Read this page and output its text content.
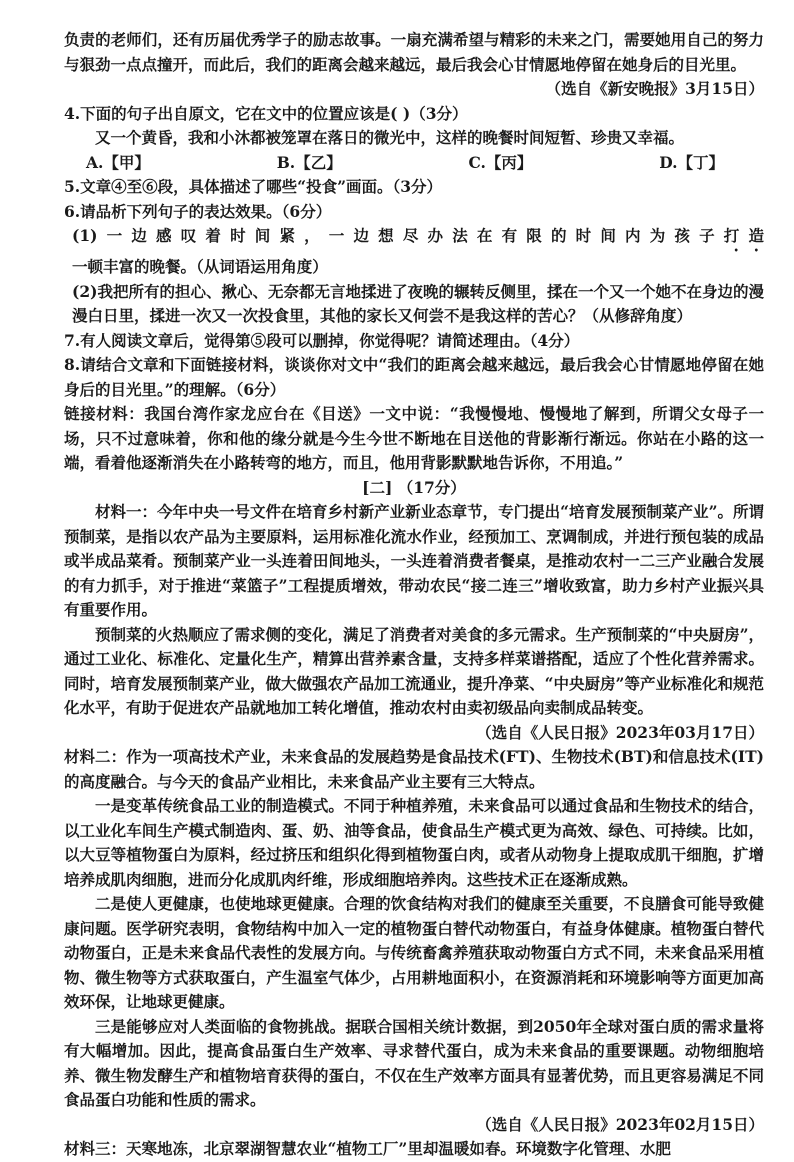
负责的老师们，还有历届优秀学子的励志故事。一扇充满希望与精彩的未来之门，需要她用自己的努力与狠劲一点点撞开，而此后，我们的距离会越来越远，最后我会心甘情愿地停留在她身后的目光里。

（选自《新安晚报》3月15日）

4.下面的句子出自原文，它在文中的位置应该是( )（3分）

又一个黄昏，我和小沐都被笼罩在落日的微光中，这样的晚餐时间短暂、珍贵又幸福。

A.【甲】	B.【乙】	C.【丙】	D.【丁】

5.文章④至⑥段，具体描述了哪些“投食”画面。（3分）

6.请品析下列句子的表达效果。（6分）

(1)一边感叹着时间紧，一边想尽办法在有限的时间内为孩子打造一顿丰富的晚餐。（从词语运用角度）

(2)我把所有的担心、揪心、无奈都无言地揉进了夜晚的辗转反侧里，揉在一个又一个她不在身边的漫漫白日里，揉进一次又一次投食里，其他的家长又何尝不是我这样的苦心？（从修辞角度）

7.有人阅读文章后，觉得第⑤段可以删掉，你觉得呢？请简述理由。（4分）

8.请结合文章和下面链接材料，谈谈你对文中“我们的距离会越来越远，最后我会心甘情愿地停留在她身后的目光里。”的理解。（6分）

链接材料：我国台湾作家龙应台在《目送》一文中说：“我慢慢地、慢慢地了解到，所谓父女母子一场，只不过意味着，你和他的缘分就是今生今世不断地在目送他的背影渐行渐远。你站在小路的这一端，看着他逐渐消失在小路转弯的地方，而且，他用背影默默地告诉你，不用追。”

[二] （17分）

材料一：今年中央一号文件在培育乡村新产业新业态章节，专门提出“培育发展预制菜产业”。所谓预制菜，是指以农产品为主要原料，运用标准化流水作业，经预加工、烹调制成，并进行预包装的成品或半成品菜肴。预制菜产业一头连着田间地头，一头连着消费者餐桌，是推动农村一二三产业融合发展的有力抓手，对于推进“菜篮子”工程提质增效，带动农民“接二连三”增收致富，助力乡村产业振兴具有重要作用。

预制菜的火热顺应了需求侧的变化，满足了消费者对美食的多元需求。生产预制菜的“中央厨房”，通过工业化、标准化、定量化生产，精算出营养素含量，支持多样菜谱搭配，适应了个性化营养需求。同时，培育发展预制菜产业，做大做强农产品加工流通业，提升净菜、“中央厨房”等产业标准化和规范化水平，有助于促进农产品就地加工转化增值，推动农村由卖初级品向卖制成品转变。

（选自《人民日报》2023年03月17日）

材料二：作为一项高技术产业，未来食品的发展趋势是食品技术(FT)、生物技术(BT)和信息技术(IT)的高度融合。与今天的食品产业相比，未来食品产业主要有三大特点。

一是变革传统食品工业的制造模式。不同于种植养殖，未来食品可以通过食品和生物技术的结合，以工业化车间生产模式制造肉、蛋、奶、油等食品，使食品生产模式更为高效、绿色、可持续。比如，以大豆等植物蛋白为原料，经过挤压和组织化得到植物蛋白肉，或者从动物身上提取成肌干细胞，扩增培养成肌肉细胞，进而分化成肌肉纤维，形成细胞培养肉。这些技术正在逐渐成熟。

二是使人更健康，也使地球更健康。合理的饮食结构对我们的健康至关重要，不良膳食可能导致健康问题。医学研究表明，食物结构中加入一定的植物蛋白替代动物蛋白，有益身体健康。植物蛋白替代动物蛋白，正是未来食品代表性的发展方向。与传统畜禽养殖获取动物蛋白方式不同，未来食品采用植物、微生物等方式获取蛋白，产生温室气体少，占用耕地面积小，在资源消耗和环境影响等方面更加高效环保，让地球更健康。

三是能够应对人类面临的食物挑战。据联合国相关统计数据，到2050年全球对蛋白质的需求量将有大幅增加。因此，提高食品蛋白生产效率、寻求替代蛋白，成为未来食品的重要课题。动物细胞培养、微生物发酵生产和植物培育获得的蛋白，不仅在生产效率方面具有显著优势，而且更容易满足不同食品蛋白功能和性质的需求。

（选自《人民日报》2023年02月15日）

材料三：天寒地冻，北京翠湖智慧农业“植物工厂”里却温暖如春。环境数字化管理、水肥
